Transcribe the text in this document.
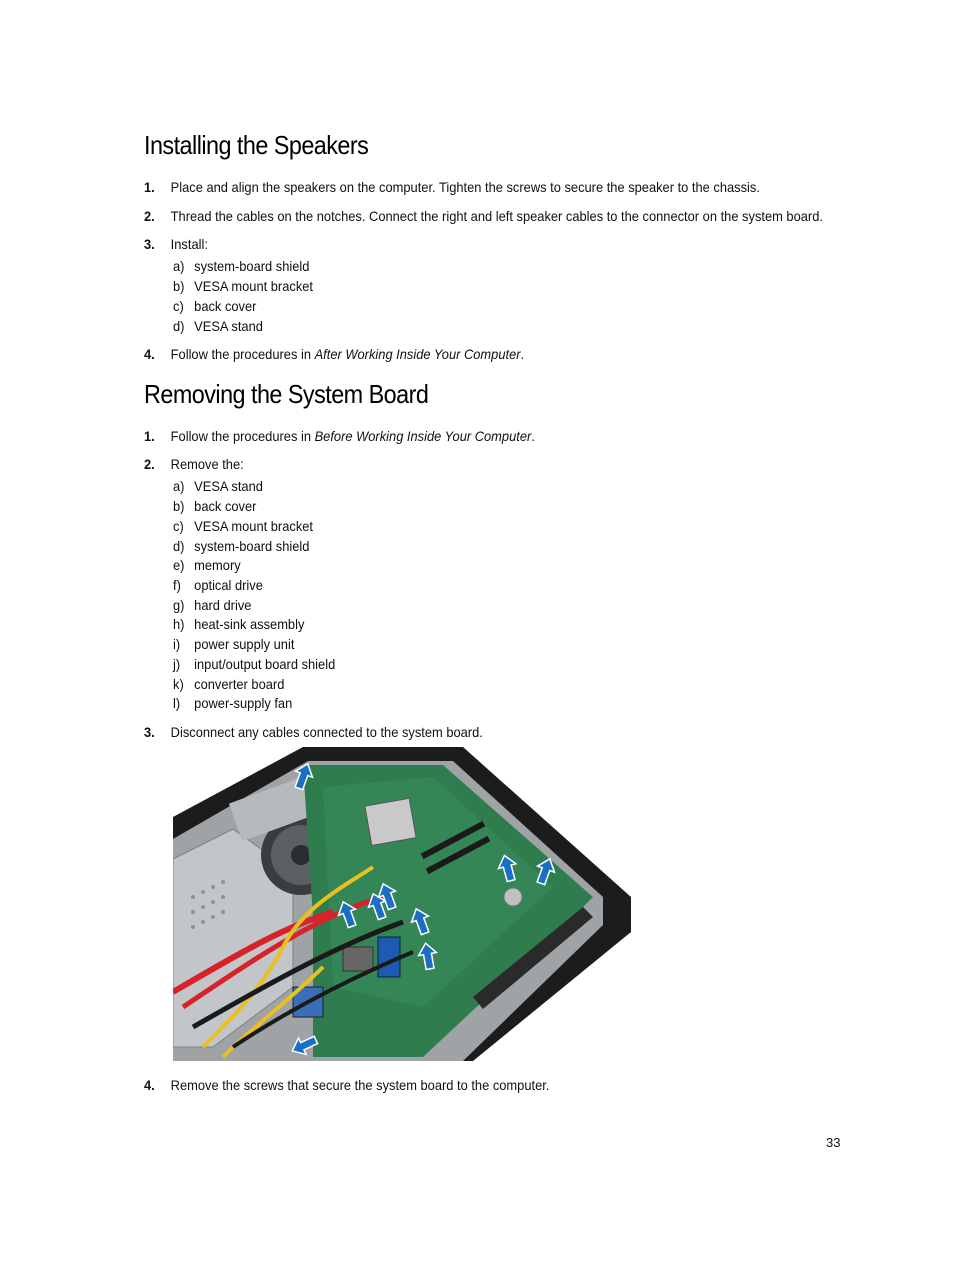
Installing the Speakers
1. Place and align the speakers on the computer. Tighten the screws to secure the speaker to the chassis.
2. Thread the cables on the notches. Connect the right and left speaker cables to the connector on the system board.
3. Install:
a) system-board shield
b) VESA mount bracket
c) back cover
d) VESA stand
4. Follow the procedures in After Working Inside Your Computer.
Removing the System Board
1. Follow the procedures in Before Working Inside Your Computer.
2. Remove the:
a) VESA stand
b) back cover
c) VESA mount bracket
d) system-board shield
e) memory
f) optical drive
g) hard drive
h) heat-sink assembly
i) power supply unit
j) input/output board shield
k) converter board
l) power-supply fan
3. Disconnect any cables connected to the system board.
4. Remove the screws that secure the system board to the computer.
33
